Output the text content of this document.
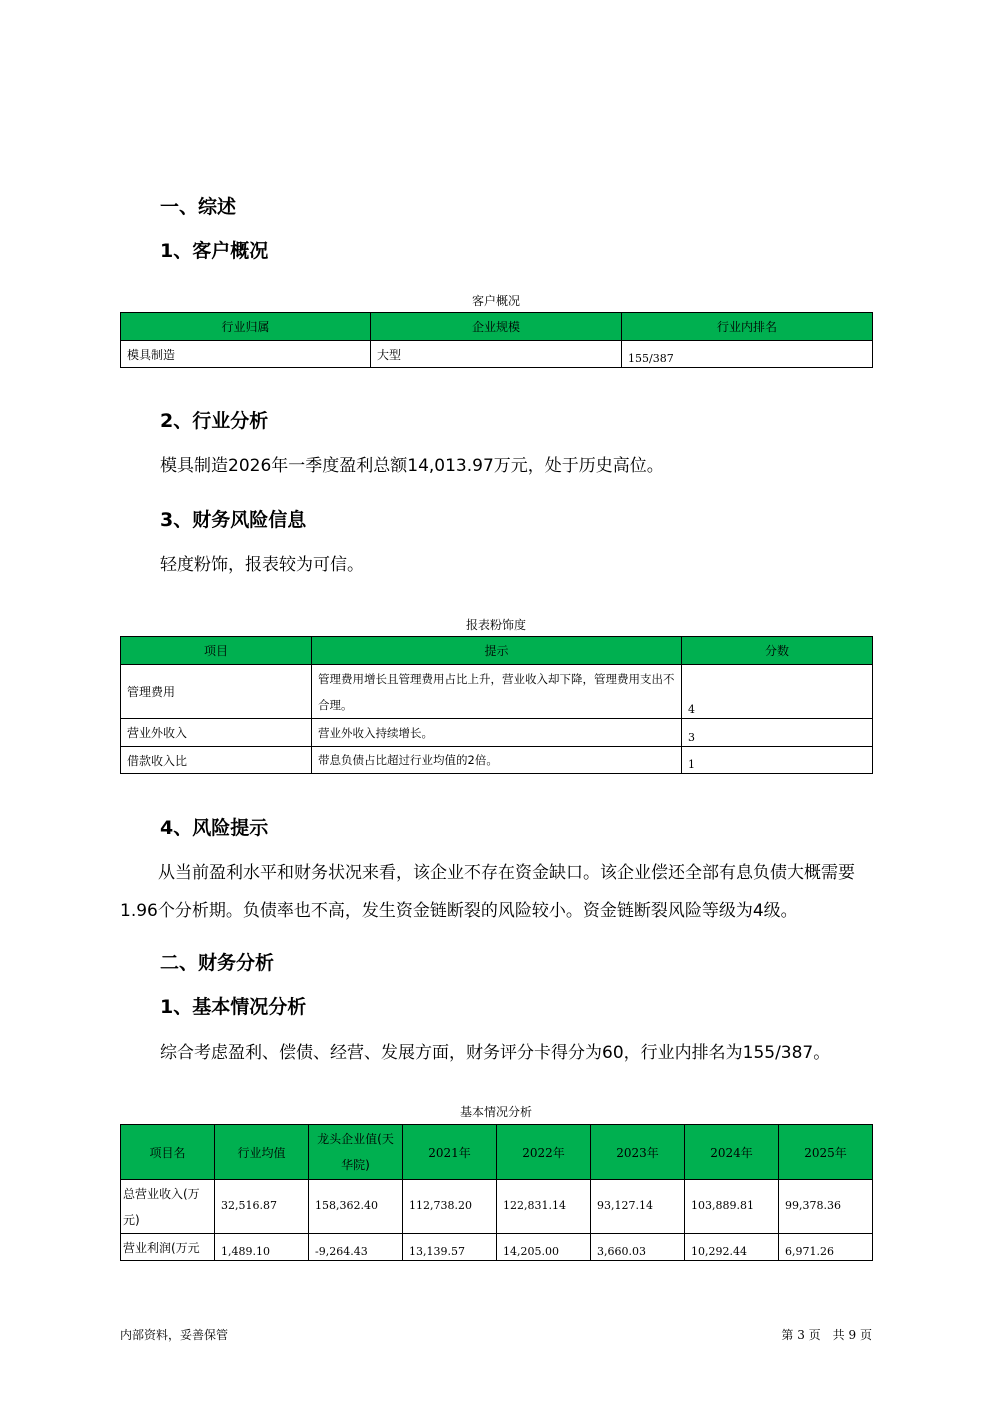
一、综述
1、客户概况
客户概况
行业归属	企业规模	行业内排名
模具制造	大型	155/387
2、行业分析

模具制造2026年一季度盈利总额14,013.97万元，处于历史高位。

3、财务风险信息

轻度粉饰，报表较为可信。

报表粉饰度
项目	提示	分数
管理费用	管理费用增长且管理费用占比上升，营业收入却下降，管理费用支出不合理。	4
营业外收入	营业外收入持续增长。	3
借款收入比	带息负债占比超过行业均值的2倍。	1
4、风险提示

从当前盈利水平和财务状况来看，该企业不存在资金缺口。该企业偿还全部有息负债大概需要 1.96个分析期。负债率也不高，发生资金链断裂的风险较小。资金链断裂风险等级为4级。

二、财务分析
1、基本情况分析

综合考虑盈利、偿债、经营、发展方面，财务评分卡得分为60，行业内排名为155/387。

基本情况分析
项目名	行业均值	龙头企业值(天华院)	2021年	2022年	2023年	2024年	2025年
总营业收入(万元)	32,516.87	158,362.40	112,738.20	122,831.14	93,127.14	103,889.81	99,378.36
营业利润(万元	1,489.10	-9,264.43	13,139.57	14,205.00	3,660.03	10,292.44	6,971.26
内部资料，妥善保管	第 3 页　共 9 页
